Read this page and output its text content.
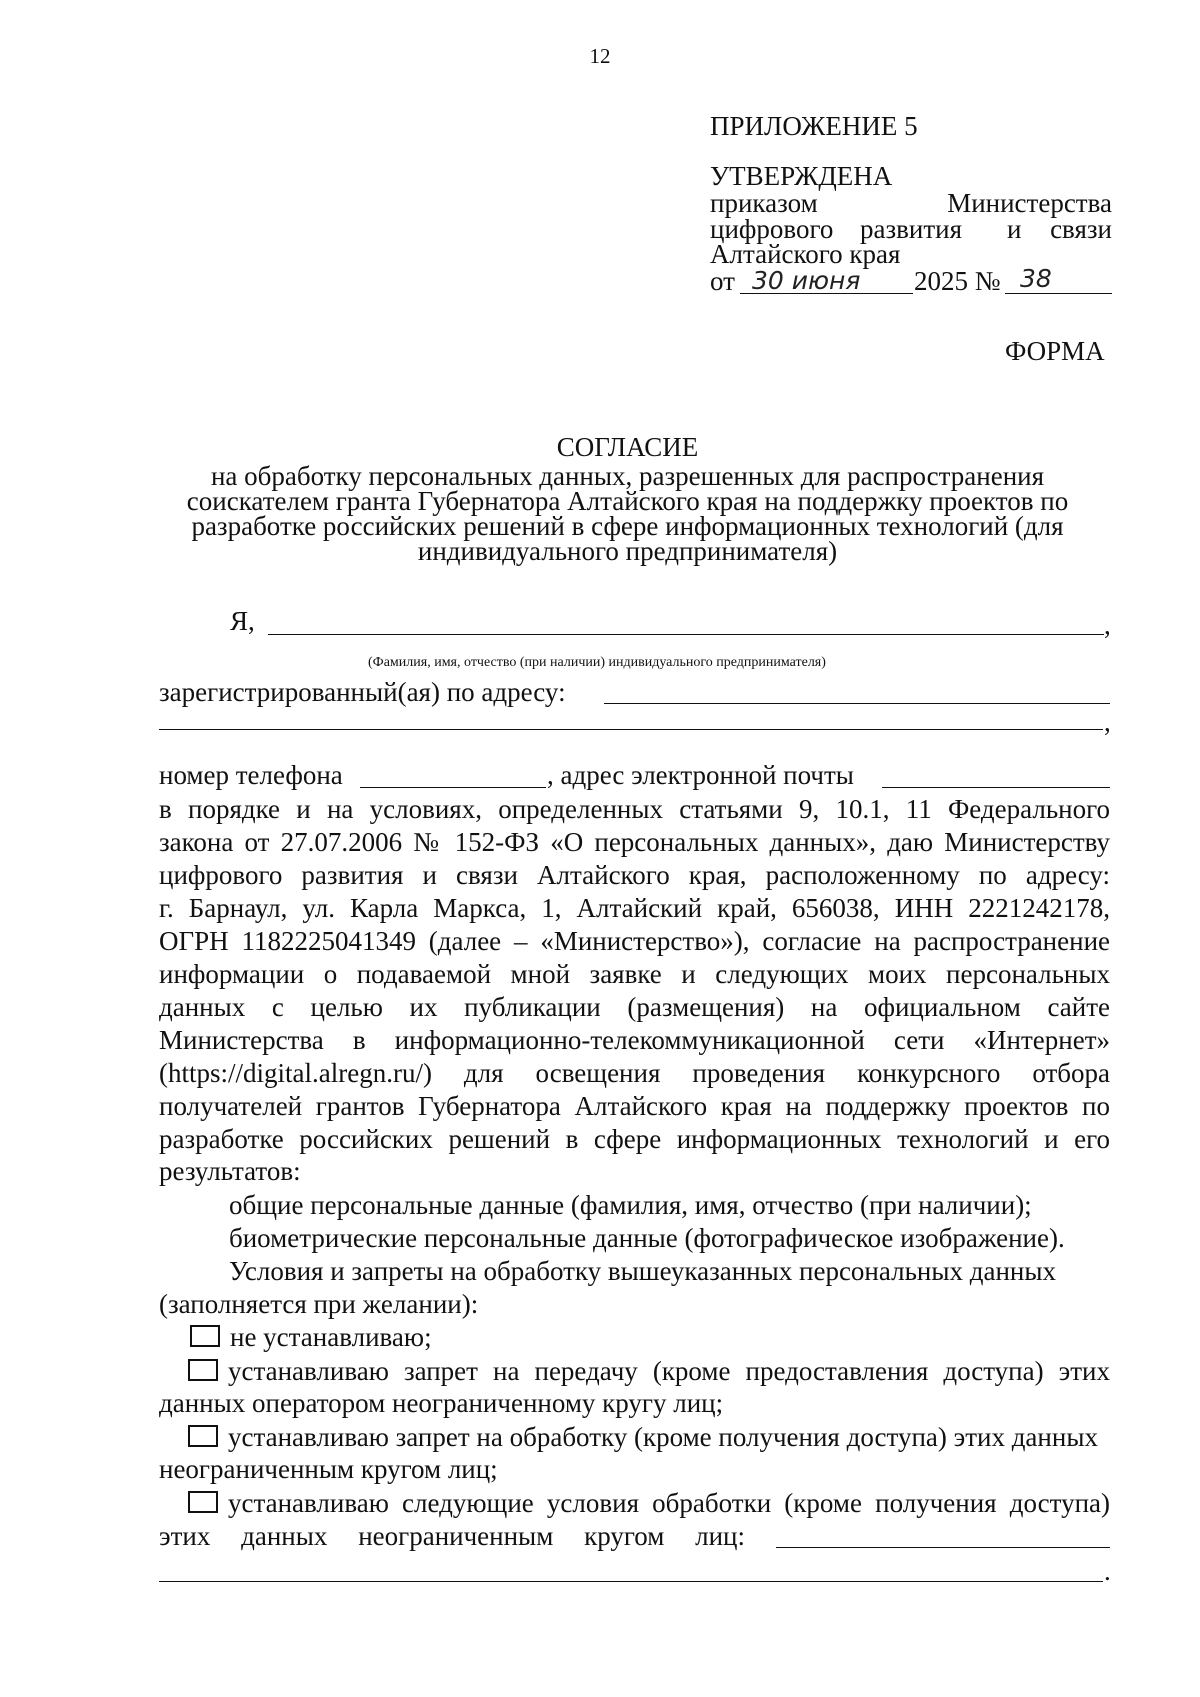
12
ПРИЛОЖЕНИЕ 5
УТВЕРЖДЕНА
приказом	Министерства
цифрового развития и связи
Алтайского края
от 30 июня 2025 № 38
ФОРМА
СОГЛАСИЕ
на обработку персональных данных, разрешенных для распространения
соискателем гранта Губернатора Алтайского края на поддержку проектов по
разработке российских решений в сфере информационных технологий (для
индивидуального предпринимателя)
Я,	,
(Фамилия, имя, отчество (при наличии) индивидуального предпринимателя)
зарегистрированный(ая) по адресу:
,
номер телефона	, адрес электронной почты
в порядке и на условиях, определенных статьями 9, 10.1, 11 Федерального
закона от 27.07.2006 № 152-ФЗ «О персональных данных», даю Министерству
цифрового развития и связи Алтайского края, расположенному по адресу:
г. Барнаул, ул. Карла Маркса, 1, Алтайский край, 656038, ИНН 2221242178,
ОГРН 1182225041349 (далее – «Министерство»), согласие на распространение
информации о подаваемой мной заявке и следующих моих персональных
данных с целью их публикации (размещения) на официальном сайте
Министерства в информационно-телекоммуникационной сети «Интернет»
(https://digital.alregn.ru/) для освещения проведения конкурсного отбора
получателей грантов Губернатора Алтайского края на поддержку проектов по
разработке российских решений в сфере информационных технологий и его
результатов:
общие персональные данные (фамилия, имя, отчество (при наличии);
биометрические персональные данные (фотографическое изображение).
Условия и запреты на обработку вышеуказанных персональных данных
(заполняется при желании):
не устанавливаю;
устанавливаю запрет на передачу (кроме предоставления доступа) этих
данных оператором неограниченному кругу лиц;
устанавливаю запрет на обработку (кроме получения доступа) этих данных
неограниченным кругом лиц;
устанавливаю следующие условия обработки (кроме получения доступа)
этих данных неограниченным кругом лиц:
.
